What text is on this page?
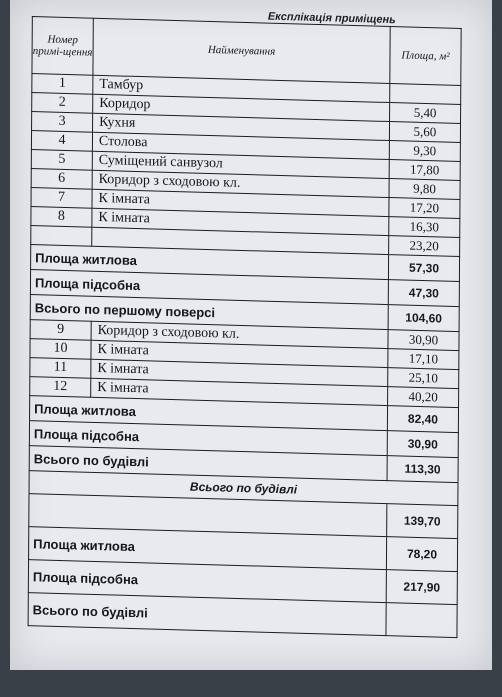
Експлікація приміщень
Номер примі-щення	Найменування	Площа, м²
1	Тамбур	
2	Коридор	5,40
3	Кухня	5,60
4	Столова	9,30
5	Суміщений санвузол	17,80
6	Коридор з сходовою кл.	9,80
7	К імната	17,20
8	К імната	16,30
		23,20
Площа житлова		57,30
Площа підсобна		47,30
Всього по першому поверсі		104,60
9	Коридор з сходовою кл.	30,90
10	К імната	17,10
11	К імната	25,10
12	К імната	40,20
Площа житлова		82,40
Площа підсобна		30,90
Всього по будівлі		113,30
Всього по будівлі		
		139,70
Площа житлова		78,20
Площа підсобна		217,90
Всього по будівлі		
